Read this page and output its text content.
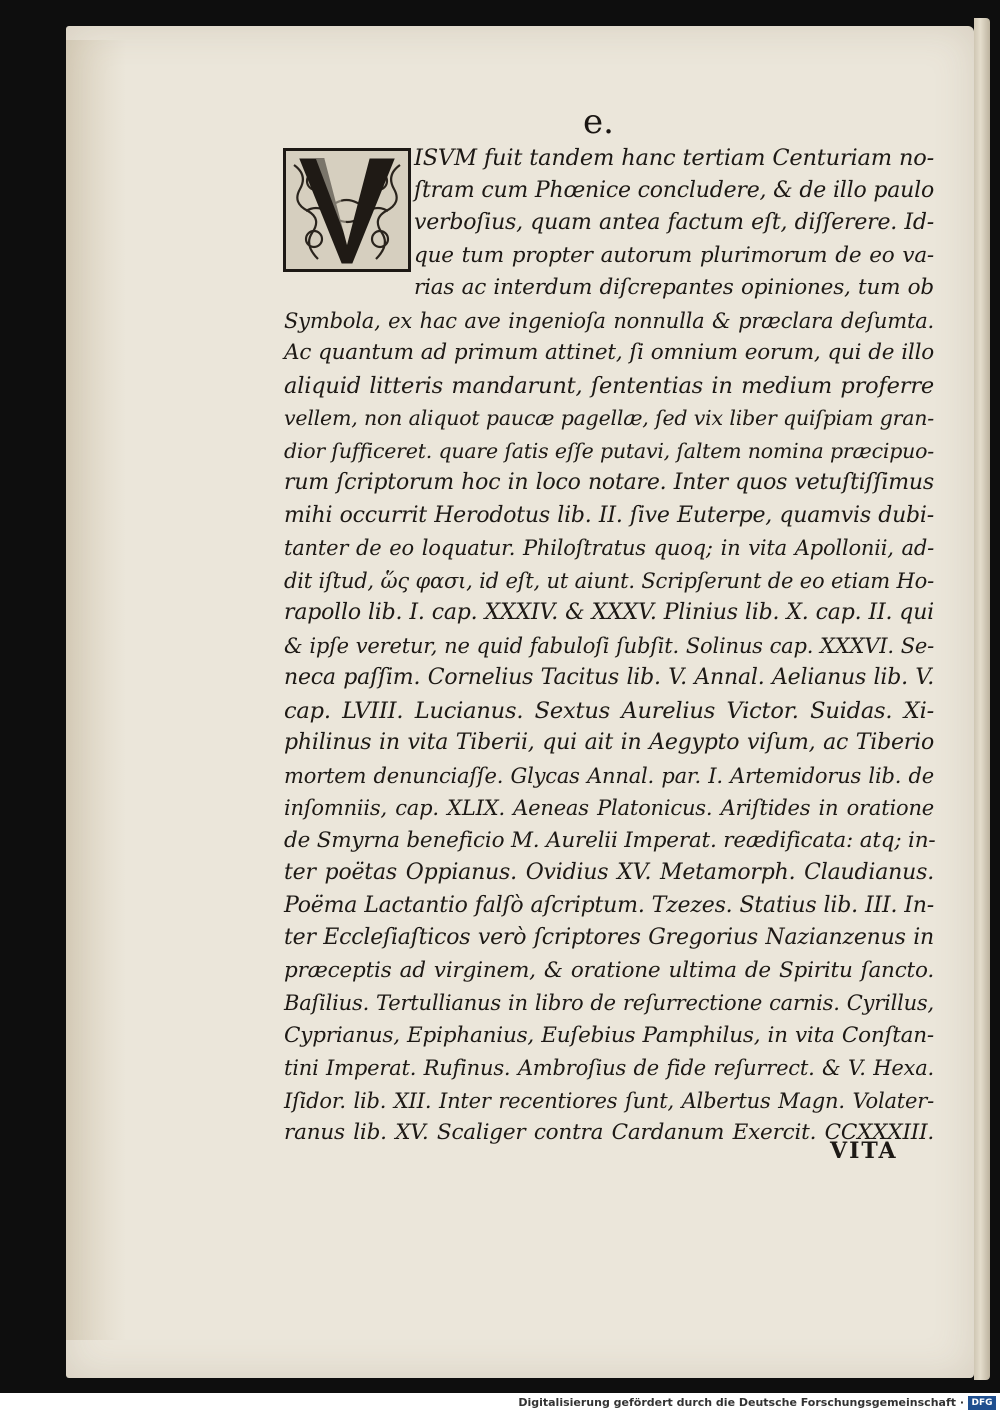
e.
ISVM fuit tandem hanc tertiam Centuriam no-
ſtram cum Phœnice concludere, & de illo paulo
verboſius, quam antea factum eſt, diſſerere. Id-
que tum propter autorum plurimorum de eo va-
rias ac interdum diſcrepantes opiniones, tum ob
Symbola, ex hac ave ingenioſa nonnulla & præclara deſumta.
Ac quantum ad primum attinet, ſi omnium eorum, qui de illo
aliquid litteris mandarunt, ſententias in medium proferre
vellem, non aliquot paucæ pagellæ, ſed vix liber quiſpiam gran-
dior ſufficeret. quare ſatis eſſe putavi, ſaltem nomina præcipuo-
rum ſcriptorum hoc in loco notare. Inter quos vetuſtiſſimus
mihi occurrit Herodotus lib. II. ſive Euterpe, quamvis dubi-
tanter de eo loquatur. Philoſtratus quoq; in vita Apollonii, ad-
dit iſtud, ὥς φασι, id eſt, ut aiunt. Scripſerunt de eo etiam Ho-
rapollo lib. I. cap. XXXIV. & XXXV. Plinius lib. X. cap. II. qui
& ipſe veretur, ne quid fabuloſi ſubſit. Solinus cap. XXXVI. Se-
neca paſſim. Cornelius Tacitus lib. V. Annal. Aelianus lib. V.
cap. LVIII. Lucianus. Sextus Aurelius Victor. Suidas. Xi-
philinus in vita Tiberii, qui ait in Aegypto viſum, ac Tiberio
mortem denunciaſſe. Glycas Annal. par. I. Artemidorus lib. de
inſomniis, cap. XLIX. Aeneas Platonicus. Ariſtides in oratione
de Smyrna beneficio M. Aurelii Imperat. reædificata: atq; in-
ter poëtas Oppianus. Ovidius XV. Metamorph. Claudianus.
Poëma Lactantio falſò aſcriptum. Tzezes. Statius lib. III. In-
ter Eccleſiaſticos verò ſcriptores Gregorius Nazianzenus in
præceptis ad virginem, & oratione ultima de Spiritu ſancto.
Baſilius. Tertullianus in libro de reſurrectione carnis. Cyrillus,
Cyprianus, Epiphanius, Euſebius Pamphilus, in vita Conſtan-
tini Imperat. Rufinus. Ambroſius de fide reſurrect. & V. Hexa.
Iſidor. lib. XII. Inter recentiores ſunt, Albertus Magn. Volater-
ranus lib. XV. Scaliger contra Cardanum Exercit. CCXXXIII.
VITA
Digitalisierung gefördert durch die Deutsche Forschungsgemeinschaft · DFG
